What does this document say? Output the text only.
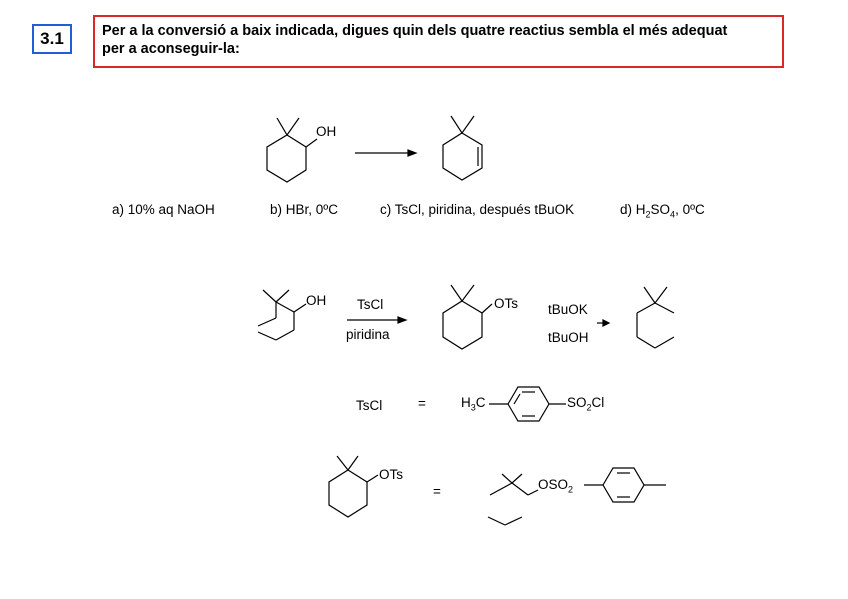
3.1	Per a la conversió a baix indicada, digues quin dels quatre reactius sembla el més adequat
per a aconseguir-la:
OH
a) 10% aq NaOH	b) HBr, 0ºC	c) TsCl, piridina, después tBuOK	d) $H_2SO_4$, 0ºC
OH TsCl
piridina
OTs tBuOK
tBuOH
TsCl	=	$H_3C$	$SO_2Cl$
OTs
=	$OSO_2$
